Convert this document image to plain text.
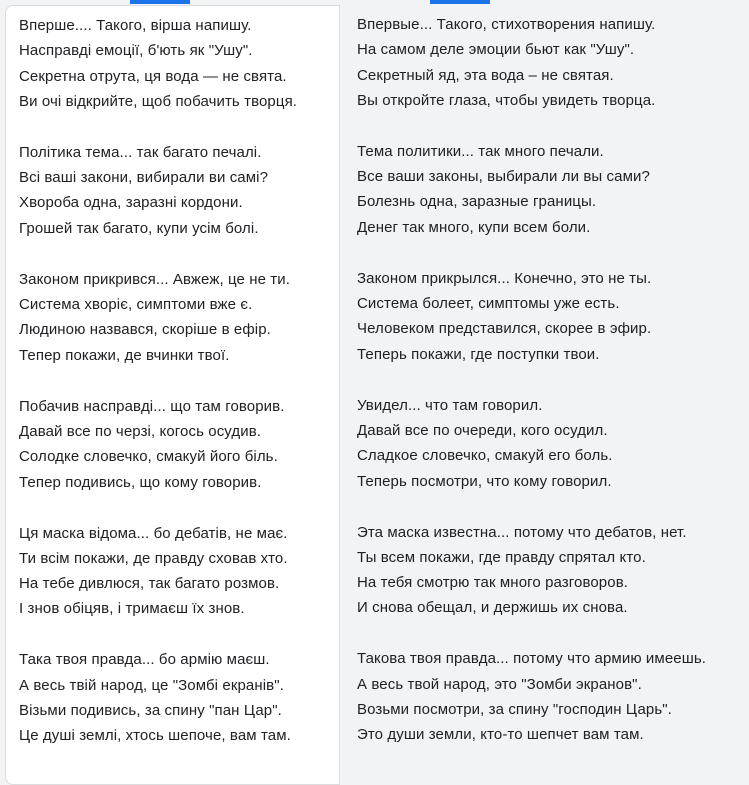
Вперше.... Такого, вірша напишу.
Насправді емоції, б'ють як "Ушу".
Секретна отрута, ця вода — не свята.
Ви очі відкрийте, щоб побачить творця.
Політика тема... так багато печалі.
Всі ваші закони, вибирали ви самі?
Хвороба одна, заразні кордони.
Грошей так багато, купи усім болі.
Законом прикрився... Авжеж, це не ти.
Система хворіє, симптоми вже є.
Людиною назвався, скоріше в ефір.
Тепер покажи, де вчинки твої.
Побачив насправді... що там говорив.
Давай все по черзі, когось осудив.
Солодке словечко, смакуй його біль.
Тепер подивись, що кому говорив.
Ця маска відома... бо дебатів, не має.
Ти всім покажи, де правду сховав хто.
На тебе дивлюся, так багато розмов.
І знов обіцяв, і тримаєш їх знов.
Така твоя правда... бо армію маєш.
А весь твій народ, це "Зомбі екранів".
Візьми подивись, за спину "пан Цар".
Це душі землі, хтось шепоче, вам там.
Впервые... Такого, стихотворения напишу.
На самом деле эмоции бьют как "Ушу".
Секретный яд, эта вода – не святая.
Вы откройте глаза, чтобы увидеть творца.
Тема политики... так много печали.
Все ваши законы, выбирали ли вы сами?
Болезнь одна, заразные границы.
Денег так много, купи всем боли.
Законом прикрылся... Конечно, это не ты.
Система болеет, симптомы уже есть.
Человеком представился, скорее в эфир.
Теперь покажи, где поступки твои.
Увидел... что там говорил.
Давай все по очереди, кого осудил.
Сладкое словечко, смакуй его боль.
Теперь посмотри, что кому говорил.
Эта маска известна... потому что дебатов, нет.
Ты всем покажи, где правду спрятал кто.
На тебя смотрю так много разговоров.
И снова обещал, и держишь их снова.
Такова твоя правда... потому что армию имеешь.
А весь твой народ, это "Зомби экранов".
Возьми посмотри, за спину "господин Царь".
Это души земли, кто-то шепчет вам там.
